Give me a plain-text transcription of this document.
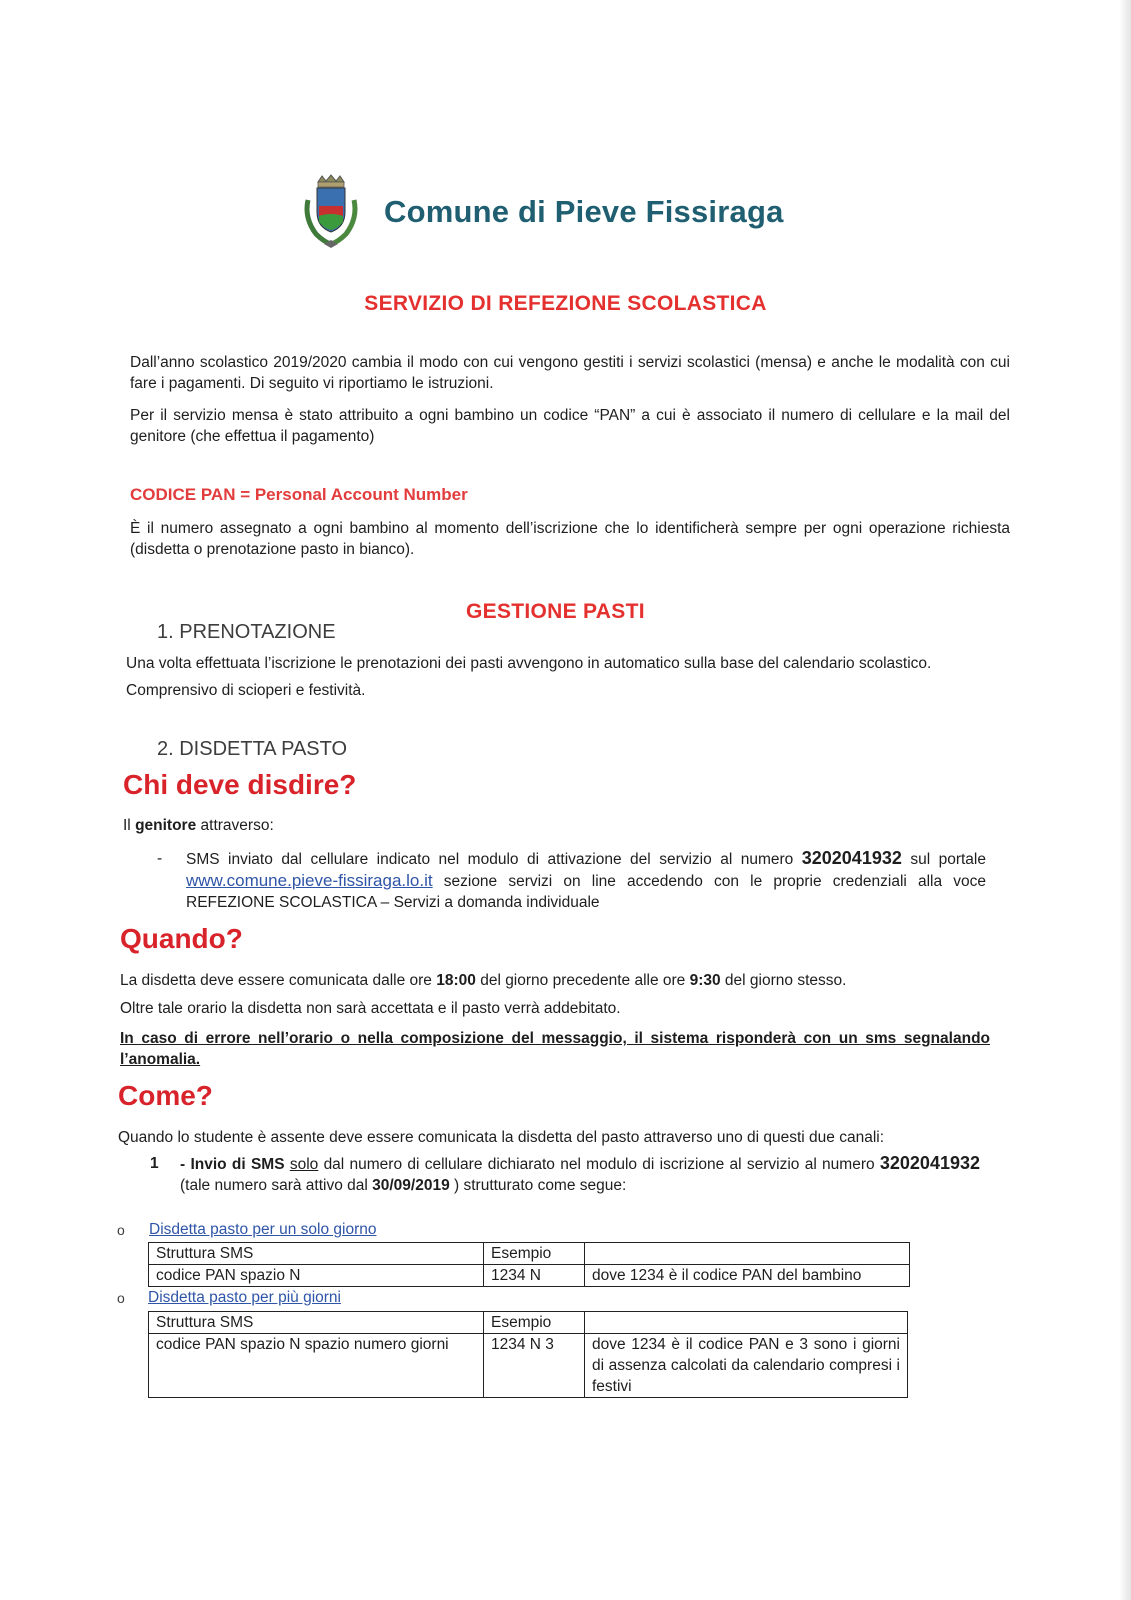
Comune di Pieve Fissiraga
SERVIZIO DI REFEZIONE SCOLASTICA
Dall’anno scolastico 2019/2020 cambia il modo con cui vengono gestiti i servizi scolastici (mensa) e anche le modalità con cui fare i pagamenti. Di seguito vi riportiamo le istruzioni.
Per il servizio mensa è stato attribuito a ogni bambino un codice “PAN” a cui è associato il numero di cellulare e la mail del genitore (che effettua il pagamento)
CODICE PAN = Personal Account Number
È il numero assegnato a ogni bambino al momento dell’iscrizione che lo identificherà sempre per ogni operazione richiesta (disdetta o prenotazione pasto in bianco).
GESTIONE PASTI
1. PRENOTAZIONE
Una volta effettuata l’iscrizione le prenotazioni dei pasti avvengono in automatico sulla base del calendario scolastico.
Comprensivo di scioperi e festività.
2. DISDETTA PASTO
Chi deve disdire?
Il genitore attraverso:
- SMS inviato dal cellulare indicato nel modulo di attivazione del servizio al numero 3202041932 sul portale www.comune.pieve-fissiraga.lo.it sezione servizi on line accedendo con le proprie credenziali alla voce REFEZIONE SCOLASTICA – Servizi a domanda individuale
Quando?
La disdetta deve essere comunicata dalle ore 18:00 del giorno precedente alle ore 9:30 del giorno stesso.
Oltre tale orario la disdetta non sarà accettata e il pasto verrà addebitato.
In caso di errore nell’orario o nella composizione del messaggio, il sistema risponderà con un sms segnalando l’anomalia.
Come?
Quando lo studente è assente deve essere comunicata la disdetta del pasto attraverso uno di questi due canali:
1 - Invio di SMS solo dal numero di cellulare dichiarato nel modulo di iscrizione al servizio al numero 3202041932 (tale numero sarà attivo dal 30/09/2019 ) strutturato come segue:
o Disdetta pasto per un solo giorno
Struttura SMS	Esempio	
codice PAN spazio N	1234 N	dove 1234 è il codice PAN del bambino
o Disdetta pasto per più giorni
Struttura SMS	Esempio	
codice PAN spazio N spazio numero giorni	1234 N 3	dove 1234 è il codice PAN e 3 sono i giorni di assenza calcolati da calendario compresi i festivi
